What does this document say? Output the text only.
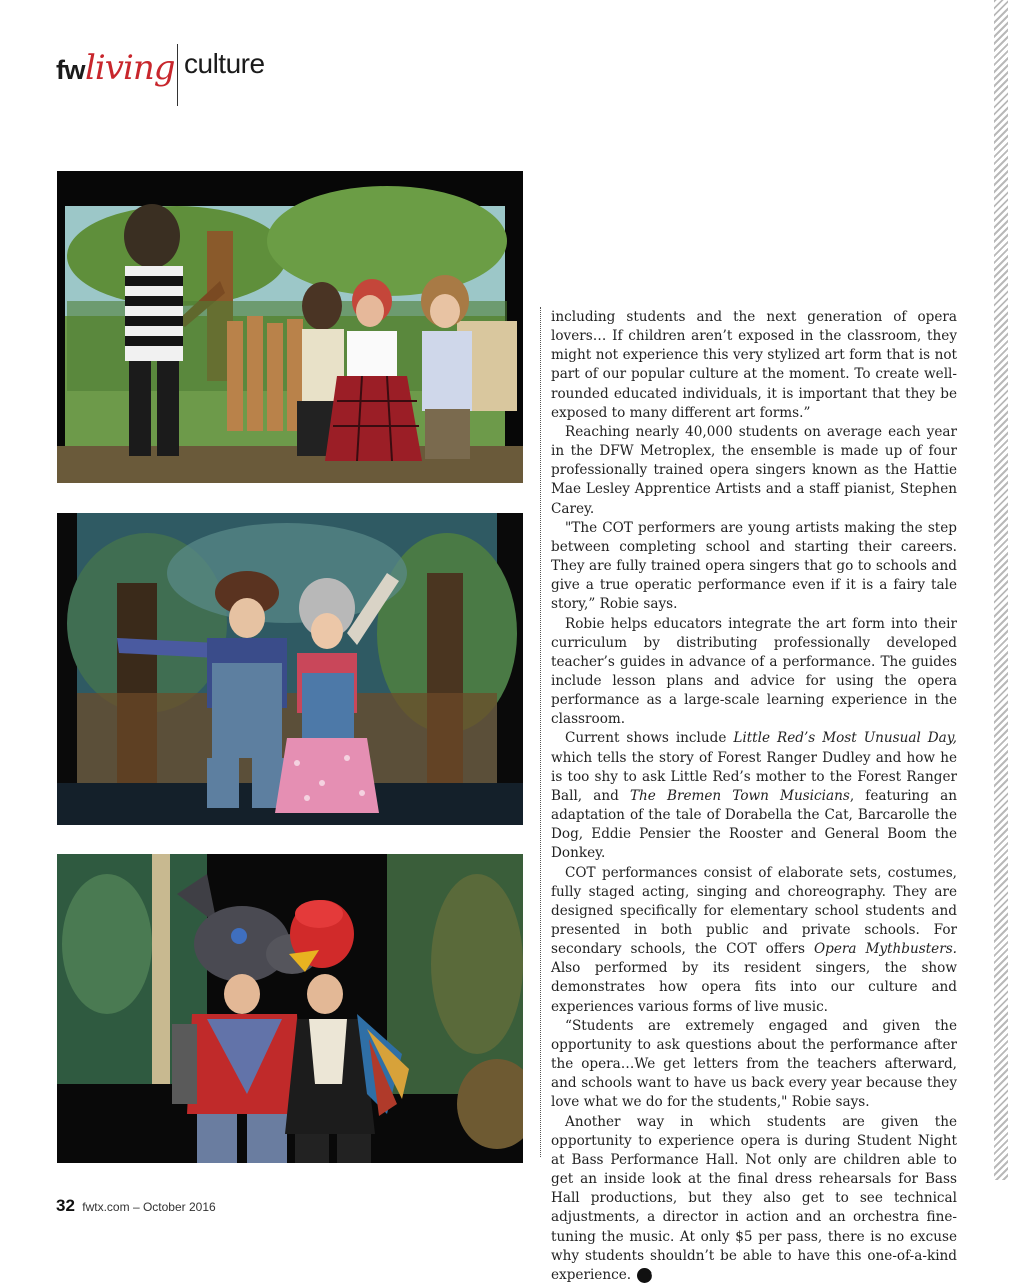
fwliving culture

including students and the next generation of opera lovers… If children aren’t exposed in the classroom, they might not experience this very stylized art form that is not part of our popular culture at the moment. To create well-rounded educated individuals, it is important that they be exposed to many different art forms.”

Reaching nearly 40,000 students on average each year in the DFW Metroplex, the ensemble is made up of four professionally trained opera singers known as the Hattie Mae Lesley Apprentice Artists and a staff pianist, Stephen Carey.

"The COT performers are young artists making the step between completing school and starting their careers. They are fully trained opera singers that go to schools and give a true operatic performance even if it is a fairy tale story,” Robie says.

Robie helps educators integrate the art form into their curriculum by distributing professionally developed teacher’s guides in advance of a performance. The guides include lesson plans and advice for using the opera performance as a large-scale learning experience in the classroom.

Current shows include Little Red’s Most Unusual Day, which tells the story of Forest Ranger Dudley and how he is too shy to ask Little Red’s mother to the Forest Ranger Ball, and The Bremen Town Musicians, featuring an adaptation of the tale of Dorabella the Cat, Barcarolle the Dog, Eddie Pensier the Rooster and General Boom the Donkey.

COT performances consist of elaborate sets, costumes, fully staged acting, singing and choreography. They are designed specifically for elementary school students and presented in both public and private schools. For secondary schools, the COT offers Opera Mythbusters. Also performed by its resident singers, the show demonstrates how opera fits into our culture and experiences various forms of live music.

“Students are extremely engaged and given the opportunity to ask questions about the performance after the opera…We get letters from the teachers afterward, and schools want to have us back every year because they love what we do for the students," Robie says.

Another way in which students are given the opportunity to experience opera is during Student Night at Bass Performance Hall. Not only are children able to get an inside look at the final dress rehearsals for Bass Hall productions, but they also get to see technical adjustments, a director in action and an orchestra fine-tuning the music. At only $5 per pass, there is no excuse why students shouldn’t be able to have this one-of-a-kind experience.	fw

32 fwtx.com – October 2016
